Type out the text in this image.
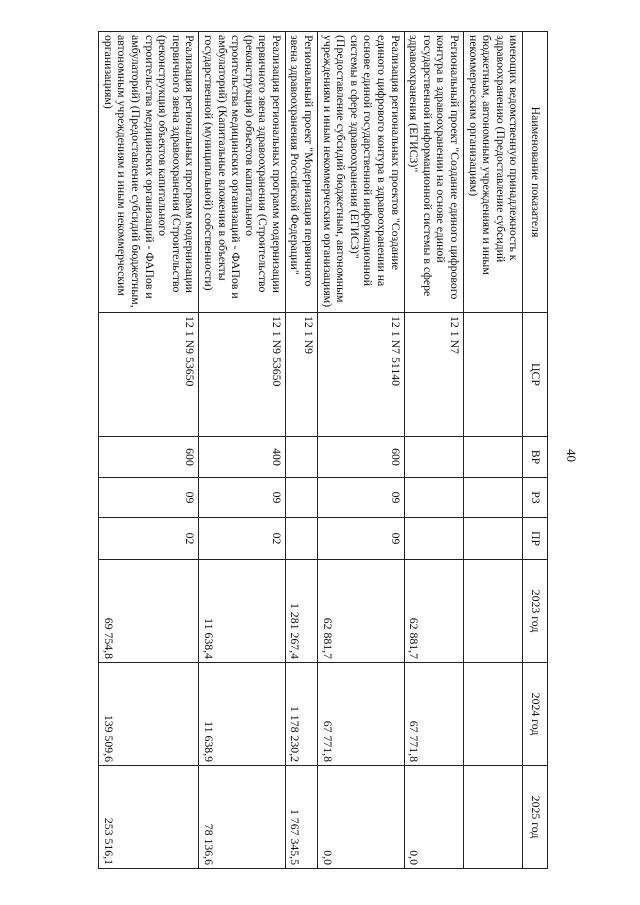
40
Наименование показателя	ЦСР	ВР	РЗ	ПР	2023 год	2024 год	2025 год
имеющих ведомственную принадлежность к здравоохранению (Предоставление субсидий бюджетным, автономным учреждениям и иным некоммерческим организациям)							
Региональный проект "Создание единого цифрового контура в здравоохранении на основе единой государственной информационной системы в сфере здравоохранения (ЕГИСЗ)"	12 1 N7				62 881,7	67 771,8	0,0
Реализация региональных проектов "Создание единого цифрового контура в здравоохранении на основе единой государственной информационной системы в сфере здравоохранения (ЕГИСЗ)" (Предоставление субсидий бюджетным, автономным учреждениям и иным некоммерческим организациям)	12 1 N7 51140	600	09	09	62 881,7	67 771,8	0,0
Региональный проект "Модернизация первичного звена здравоохранения Российской Федерации"	12 1 N9				1 281 267,4	1 178 230,2	1 767 345,5
Реализация региональных программ модернизации первичного звена здравоохранения (Строительство (реконструкция) объектов капитального строительства медицинских организаций - ФАПов и амбулаторий) (Капитальные вложения в объекты государственной (муниципальной) собственности)	12 1 N9 53650	400	09	02	11 638,4	11 638,9	78 136,6
Реализация региональных программ модернизации первичного звена здравоохранения (Строительство (реконструкция) объектов капитального строительства медицинских организаций - ФАПов и амбулаторий) (Предоставление субсидий бюджетным, автономным учреждениям и иным некоммерческим организациям)	12 1 N9 53650	600	09	02	69 754,8	139 509,6	253 516,1
